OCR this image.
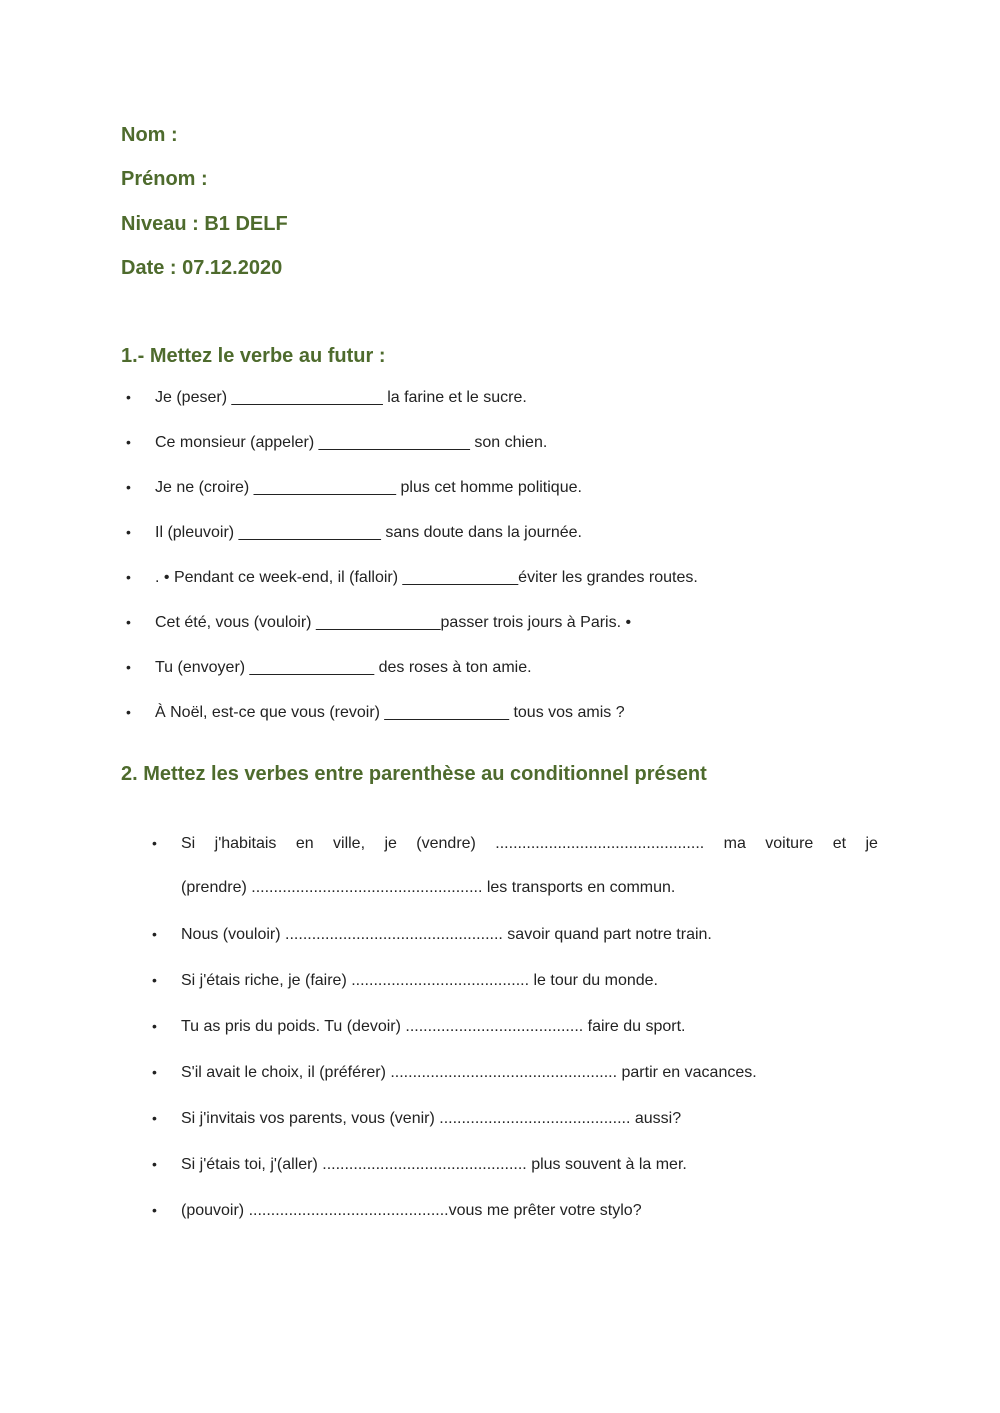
Nom :

Prénom :

Niveau : B1 DELF

Date : 07.12.2020

1.- Mettez le verbe au futur :

• Je (peser) _________________ la farine et le sucre.
• Ce monsieur (appeler) _________________ son chien.
• Je ne (croire) ________________ plus cet homme politique.
• Il (pleuvoir) ________________ sans doute dans la journée.
• . • Pendant ce week-end, il (falloir) _____________éviter les grandes routes.
• Cet été, vous (vouloir) ______________passer trois jours à Paris. •
• Tu (envoyer) ______________ des roses à ton amie.
• À Noël, est-ce que vous (revoir) ______________ tous vos amis ?

2. Mettez les verbes entre parenthèse au conditionnel présent

• Si j'habitais en ville, je (vendre) ............................................... ma voiture et je
(prendre) .................................................... les transports en commun.
• Nous (vouloir) ................................................. savoir quand part notre train.
• Si j'étais riche, je (faire) ........................................ le tour du monde.
• Tu as pris du poids. Tu (devoir) ........................................ faire du sport.
• S'il avait le choix, il (préférer) ................................................... partir en vacances.
• Si j'invitais vos parents, vous (venir) ........................................... aussi?
• Si j'étais toi, j'(aller) .............................................. plus souvent à la mer.
• (pouvoir) .............................................vous me prêter votre stylo?
